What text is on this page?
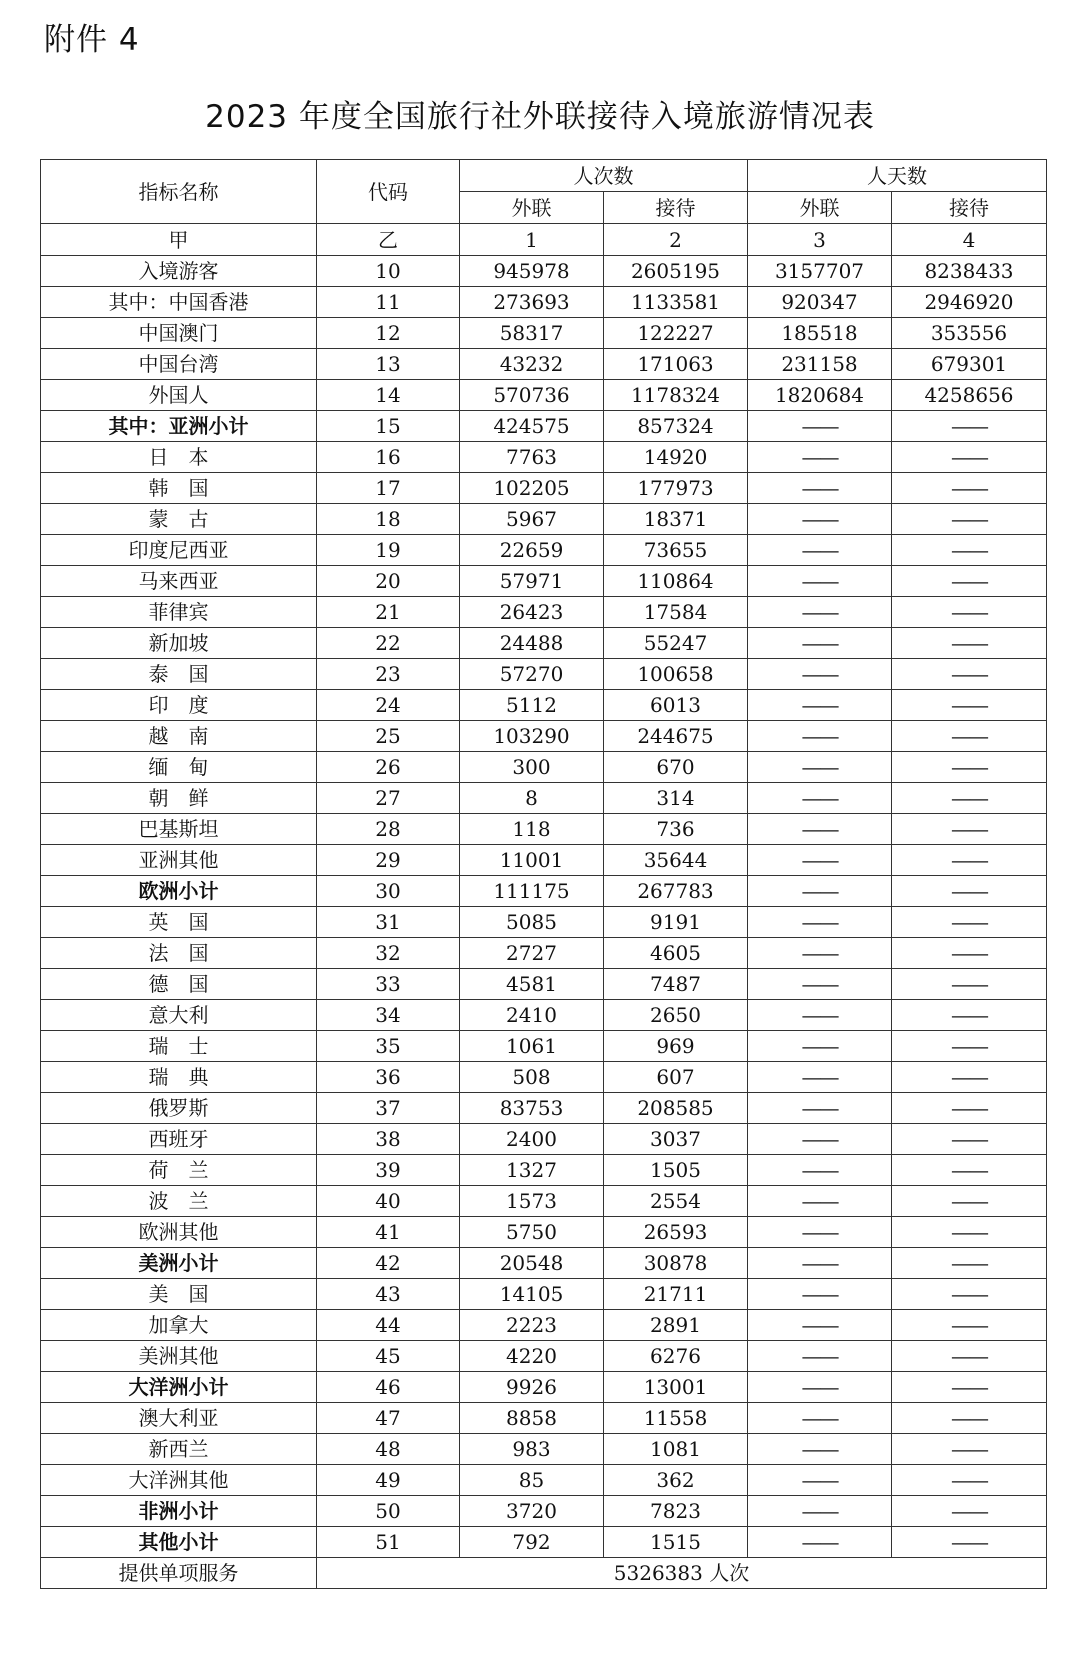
附件 4
2023 年度全国旅行社外联接待入境旅游情况表
指标名称	代码	人次数		人天数	
		外联	接待	外联	接待
甲	乙	1	2	3	4
入境游客	10	945978	2605195	3157707	8238433
其中：中国香港	11	273693	1133581	920347	2946920
中国澳门	12	58317	122227	185518	353556
中国台湾	13	43232	171063	231158	679301
外国人	14	570736	1178324	1820684	4258656
其中：亚洲小计	15	424575	857324	——	——
日　本	16	7763	14920	——	——
韩　国	17	102205	177973	——	——
蒙　古	18	5967	18371	——	——
印度尼西亚	19	22659	73655	——	——
马来西亚	20	57971	110864	——	——
菲律宾	21	26423	17584	——	——
新加坡	22	24488	55247	——	——
泰　国	23	57270	100658	——	——
印　度	24	5112	6013	——	——
越　南	25	103290	244675	——	——
缅　甸	26	300	670	——	——
朝　鲜	27	8	314	——	——
巴基斯坦	28	118	736	——	——
亚洲其他	29	11001	35644	——	——
欧洲小计	30	111175	267783	——	——
英　国	31	5085	9191	——	——
法　国	32	2727	4605	——	——
德　国	33	4581	7487	——	——
意大利	34	2410	2650	——	——
瑞　士	35	1061	969	——	——
瑞　典	36	508	607	——	——
俄罗斯	37	83753	208585	——	——
西班牙	38	2400	3037	——	——
荷　兰	39	1327	1505	——	——
波　兰	40	1573	2554	——	——
欧洲其他	41	5750	26593	——	——
美洲小计	42	20548	30878	——	——
美　国	43	14105	21711	——	——
加拿大	44	2223	2891	——	——
美洲其他	45	4220	6276	——	——
大洋洲小计	46	9926	13001	——	——
澳大利亚	47	8858	11558	——	——
新西兰	48	983	1081	——	——
大洋洲其他	49	85	362	——	——
非洲小计	50	3720	7823	——	——
其他小计	51	792	1515	——	——
提供单项服务	5326383 人次				
